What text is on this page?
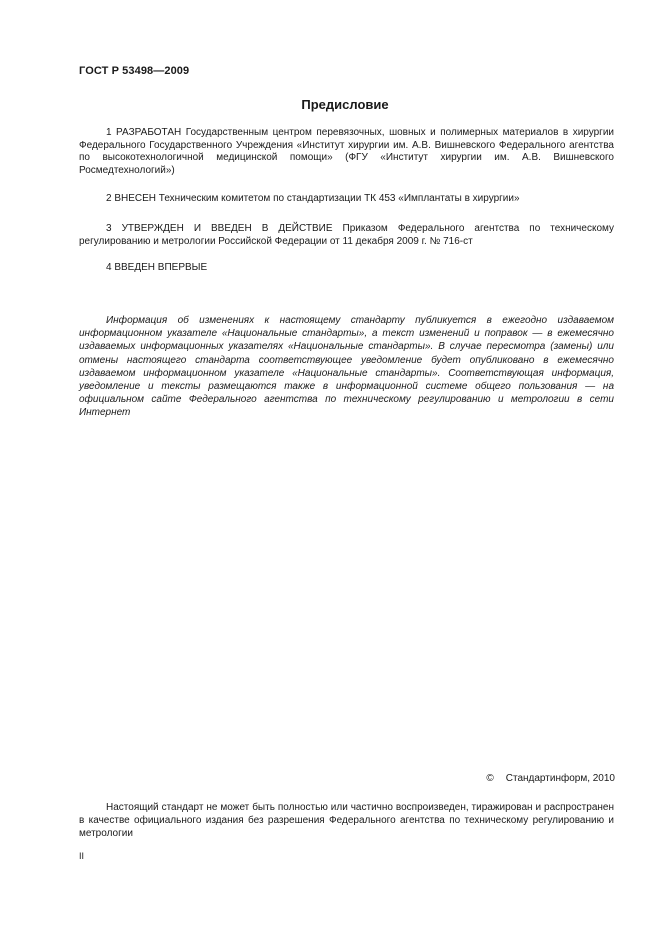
ГОСТ Р 53498—2009
Предисловие

1 РАЗРАБОТАН Государственным центром перевязочных, шовных и полимерных материалов в хирургии Федерального Государственного Учреждения «Институт хирургии им. А.В. Вишневского Федерального агентства по высокотехнологичной медицинской помощи» (ФГУ «Институт хирургии им. А.В. Вишневского Росмедтехнологий»)

2 ВНЕСЕН Техническим комитетом по стандартизации ТК 453 «Имплантаты в хирургии»

3 УТВЕРЖДЕН И ВВЕДЕН В ДЕЙСТВИЕ Приказом Федерального агентства по техническому регулированию и метрологии Российской Федерации от 11 декабря 2009 г. № 716-ст

4 ВВЕДЕН ВПЕРВЫЕ

Информация об изменениях к настоящему стандарту публикуется в ежегодно издаваемом информационном указателе «Национальные стандарты», а текст изменений и поправок — в ежемесячно издаваемых информационных указателях «Национальные стандарты». В случае пересмотра (замены) или отмены настоящего стандарта соответствующее уведомление будет опубликовано в ежемесячно издаваемом информационном указателе «Национальные стандарты». Соответствующая информация, уведомление и тексты размещаются также в информационной системе общего пользования — на официальном сайте Федерального агентства по техническому регулированию и метрологии в сети Интернет

© Стандартинформ, 2010

Настоящий стандарт не может быть полностью или частично воспроизведен, тиражирован и распространен в качестве официального издания без разрешения Федерального агентства по техническому регулированию и метрологии

II
